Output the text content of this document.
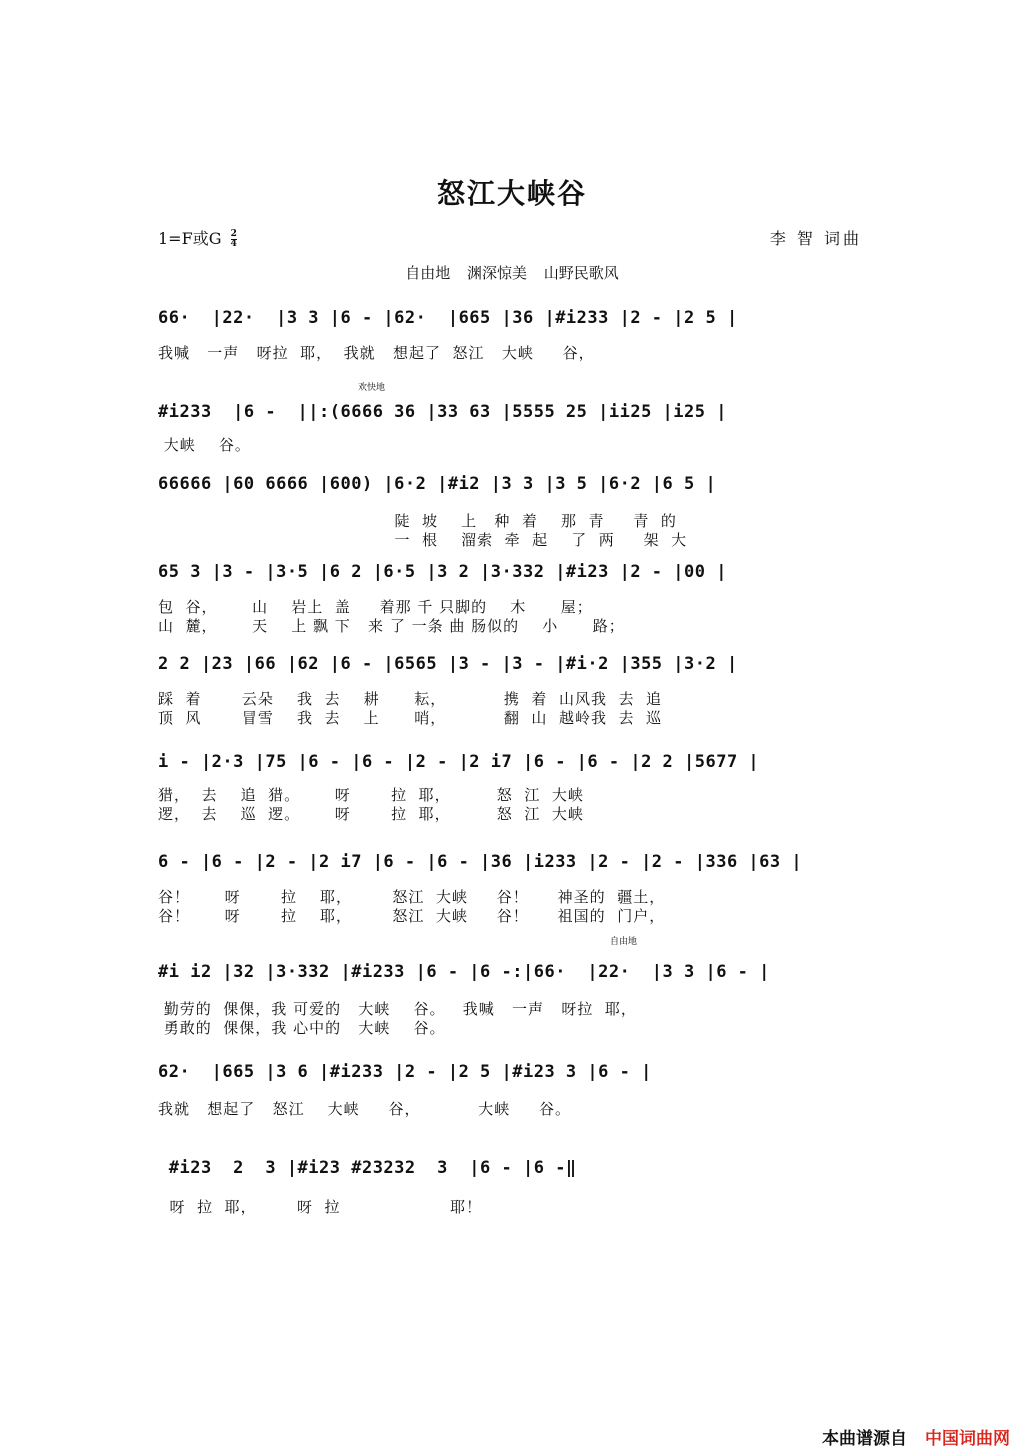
怒江大峡谷
1=F或G $\frac{2}{4}$	李 智 词曲
自由地 渊深惊美 山野民歌风
66·  |22·  |3 3 |6 - |62·  |665 |36 |#i233 |2 - |2 5 |
我喊   一声   呀拉  耶，  我就   想起了  怒江   大峡     谷，
欢快地
#i233  |6 -  ||:(6666 36 |33 63 |5555 25 |ii25 |i25 |
大峡    谷。
66666 |60 6666 |600) |6·2 |#i2 |3 3 |3 5 |6·2 |6 5 |
陡  坡    上   种  着    那  青     青  的
一  根    溜索  牵  起    了  两     架  大
65 3 |3 - |3·5 |6 2 |6·5 |3 2 |3·332 |#i23 |2 - |00 |
包  谷，      山    岩上  盖     着那 千 只脚的    木      屋；
山  麓，      天    上 飘 下   来 了 一条 曲 肠似的    小      路；
2 2 |23 |66 |62 |6 - |6565 |3 - |3 - |#i·2 |355 |3·2 |
踩  着       云朵    我  去    耕      耘，          携  着  山风我  去  追
顶  风       冒雪    我  去    上      哨，          翻  山  越岭我  去  巡
i - |2·3 |75 |6 - |6 - |2 - |2 i7 |6 - |6 - |2 2 |5677 |
猎，  去    追  猎。      呀       拉  耶，        怒  江  大峡
逻，  去    巡  逻。      呀       拉  耶，        怒  江  大峡
6 - |6 - |2 - |2 i7 |6 - |6 - |36 |i233 |2 - |2 - |336 |63 |
谷！      呀       拉    耶，       怒江  大峡     谷！     神圣的  疆土，
谷！      呀       拉    耶，       怒江  大峡     谷！     祖国的  门户，
自由地
#i i2 |32 |3·332 |#i233 |6 - |6 -:|66·  |22·  |3 3 |6 - |
勤劳的  倮倮，我 可爱的   大峡    谷。   我喊   一声   呀拉  耶，
勇敢的  倮倮，我 心中的   大峡    谷。
62·  |665 |3 6 |#i233 |2 - |2 5 |#i23 3 |6 - |
我就   想起了   怒江    大峡     谷，          大峡     谷。
#i23  2  3 |#i23 #23232  3  |6 - |6 -‖
呀  拉  耶，       呀  拉                   耶！
本曲谱源自 中国词曲网
